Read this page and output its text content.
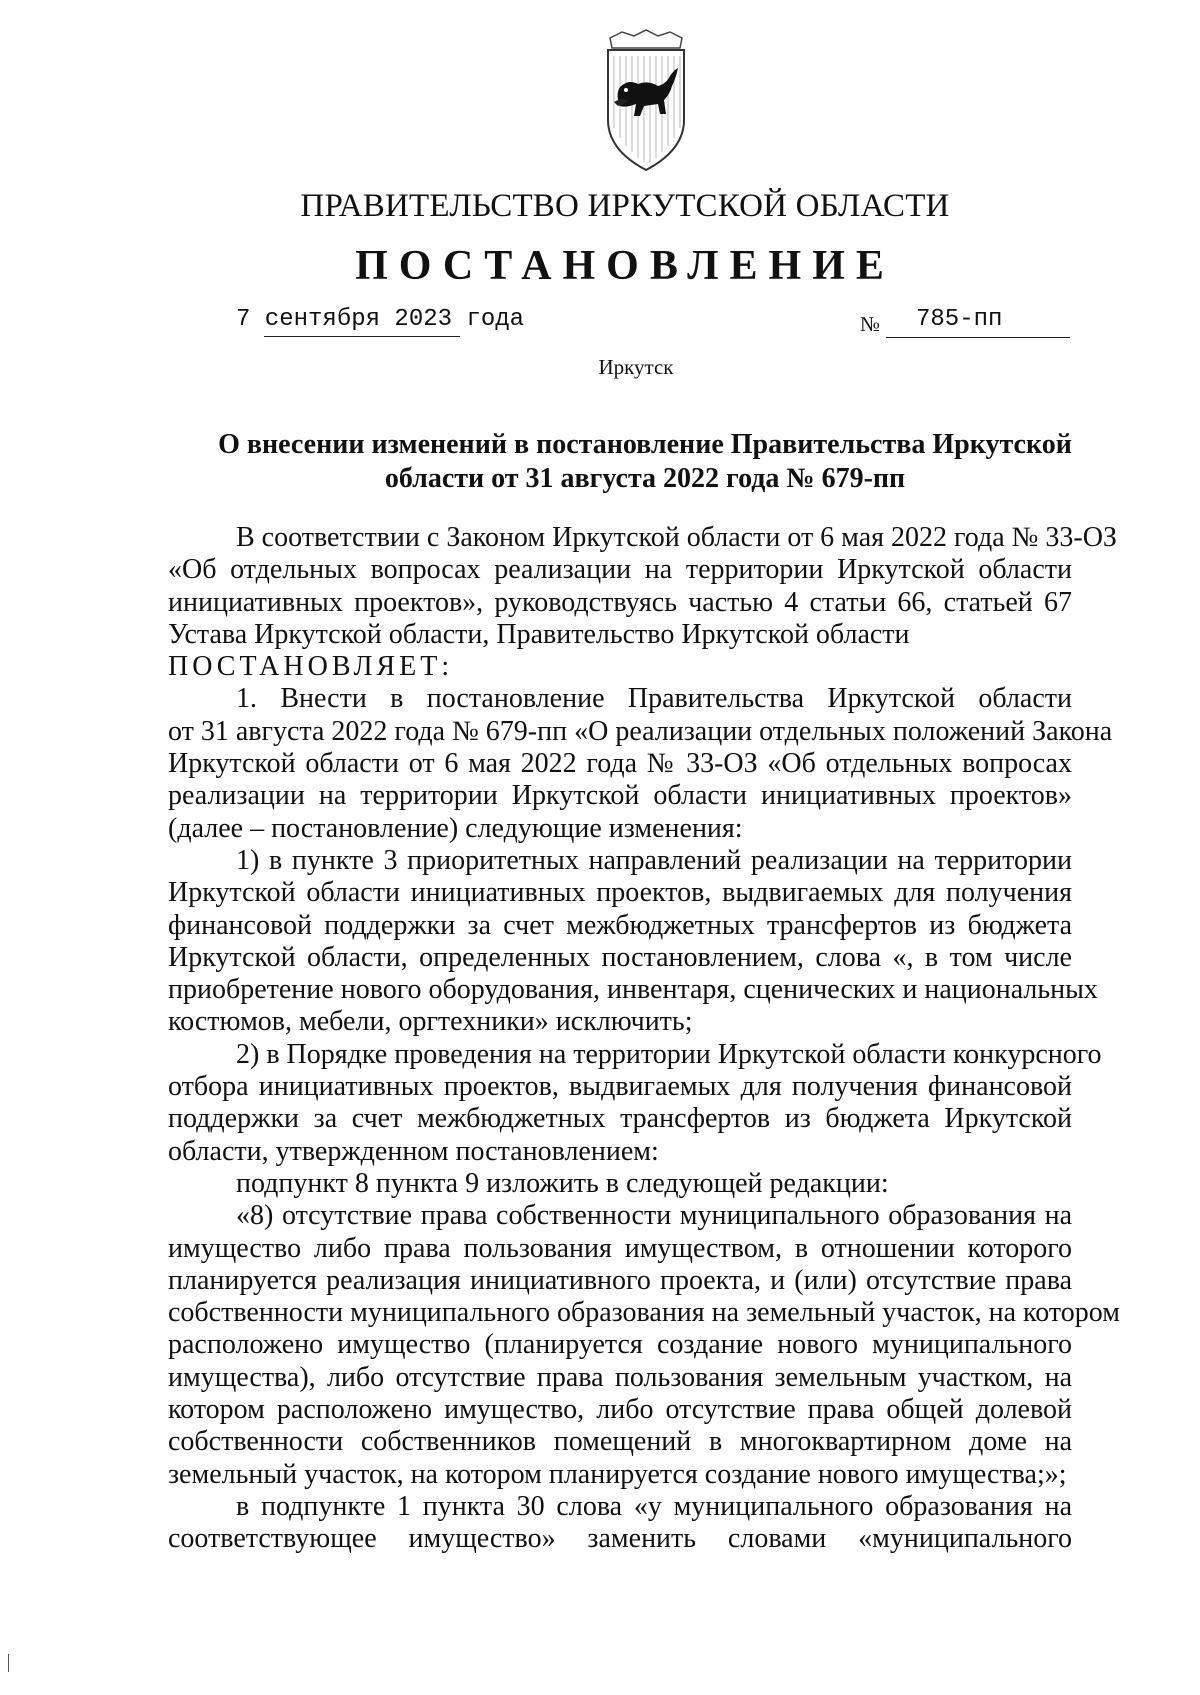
ПРАВИТЕЛЬСТВО ИРКУТСКОЙ ОБЛАСТИ
ПОСТАНОВЛЕНИЕ
7 сентября 2023 года	№ 785-пп
Иркутск
О внесении изменений в постановление Правительства Иркутской
области от 31 августа 2022 года № 679-пп
В соответствии с Законом Иркутской области от 6 мая 2022 года № 33-ОЗ
«Об отдельных вопросах реализации на территории Иркутской области
инициативных проектов», руководствуясь частью 4 статьи 66, статьей 67
Устава Иркутской области, Правительство Иркутской области
ПОСТАНОВЛЯЕТ:
1. Внести в постановление Правительства Иркутской области
от 31 августа 2022 года № 679-пп «О реализации отдельных положений Закона
Иркутской области от 6 мая 2022 года № 33-ОЗ «Об отдельных вопросах
реализации на территории Иркутской области инициативных проектов»
(далее – постановление) следующие изменения:
1) в пункте 3 приоритетных направлений реализации на территории
Иркутской области инициативных проектов, выдвигаемых для получения
финансовой поддержки за счет межбюджетных трансфертов из бюджета
Иркутской области, определенных постановлением, слова «, в том числе
приобретение нового оборудования, инвентаря, сценических и национальных
костюмов, мебели, оргтехники» исключить;
2) в Порядке проведения на территории Иркутской области конкурсного
отбора инициативных проектов, выдвигаемых для получения финансовой
поддержки за счет межбюджетных трансфертов из бюджета Иркутской
области, утвержденном постановлением:
подпункт 8 пункта 9 изложить в следующей редакции:
«8) отсутствие права собственности муниципального образования на
имущество либо права пользования имуществом, в отношении которого
планируется реализация инициативного проекта, и (или) отсутствие права
собственности муниципального образования на земельный участок, на котором
расположено имущество (планируется создание нового муниципального
имущества), либо отсутствие права пользования земельным участком, на
котором расположено имущество, либо отсутствие права общей долевой
собственности собственников помещений в многоквартирном доме на
земельный участок, на котором планируется создание нового имущества;»;
в подпункте 1 пункта 30 слова «у муниципального образования на
соответствующее имущество» заменить словами «муниципального
